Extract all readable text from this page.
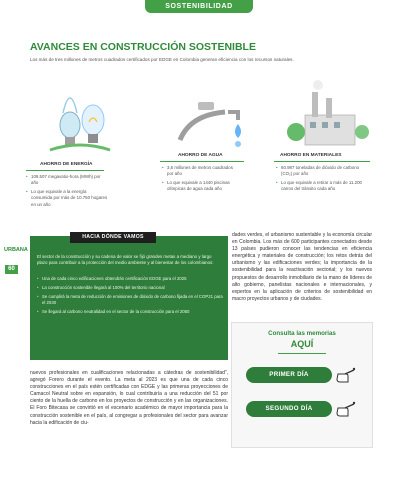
SOSTENIBILIDAD
AVANCES EN CONSTRUCCIÓN SOSTENIBLE
Los más de tres millones de metros cuadrados certificados por EDGE en Colombia generan eficiencia con los recursos naturales.
URBANA
60
AHORRO DE ENERGÍA
• 109.507 megavatio-hora (MWh) por año
• Lo que equivale a la energía consumida por más de 10.750 hogares en un año
AHORRO DE AGUA
• 3,6 millones de metros cuadrados por año
• Lo que equivale a 1440 piscinas olímpicas de agua cada año
AHORRO EN MATERIALES
• 60.987 toneladas de dióxido de carbono (CO₂) por año
• Lo que equivale a retirar a más de 11.200 carros del tránsito cada año

El sector de la construcción y su cadena de valor se fijó grandes metas a mediano y largo plazo para contribuir a la protección del medio ambiente y al bienestar de los colombianos:

• Una de cada cinco edificaciones obtendrán certificación EDGE para el 2025
• La construcción sostenible llegará al 100% del territorio nacional
• Se cumplirá la meta de reducción de emisiones de dióxido de carbono fijada en el COP21 para el 2030
• Se llegará al carbono neutralidad en el sector de la construcción para el 2050
HACIA DÓNDE VAMOS	dades verdes, el urbanismo sustentable y la economía circular en Colombia. Los más de 600 participantes conectados desde 13 países pudieron conocer las tendencias en eficiencia energética y materiales de construcción; los retos detrás del urbanismo y las edificaciones verdes; la importancia de la sostenibilidad para la reactivación sectorial; y los nuevos propuestos de desarrollo inmobiliario de la mano de líderes de alto gobierno, panelistas nacionales e internacionales, y expertos en la aplicación de criterios de sostenibilidad en macro proyectos urbanos y de ciudades.

nuevos profesionales en cualificaciones relacionadas a cátedras de sostenibilidad”, agregó Forero durante el evento. La meta al 2023 es que una de cada cinco construcciones en el país estén certificadas con EDGE y las primeras proyecciones de Camacol Neutral sobre en expansión, lo cual contribuiría a una reducción del 51 por ciento de la huella de carbono en los proyectos de construcción y en las organizaciones. El Foro Bitecasa se convirtió en el escenario académico de mayor importancia para la construcción sostenible en el país, al congregar a profesionales del sector para avanzar hacia la edificación de ciu-

Consulta las memorias
AQUÍ
PRIMER DÍA
SEGUNDO DÍA
